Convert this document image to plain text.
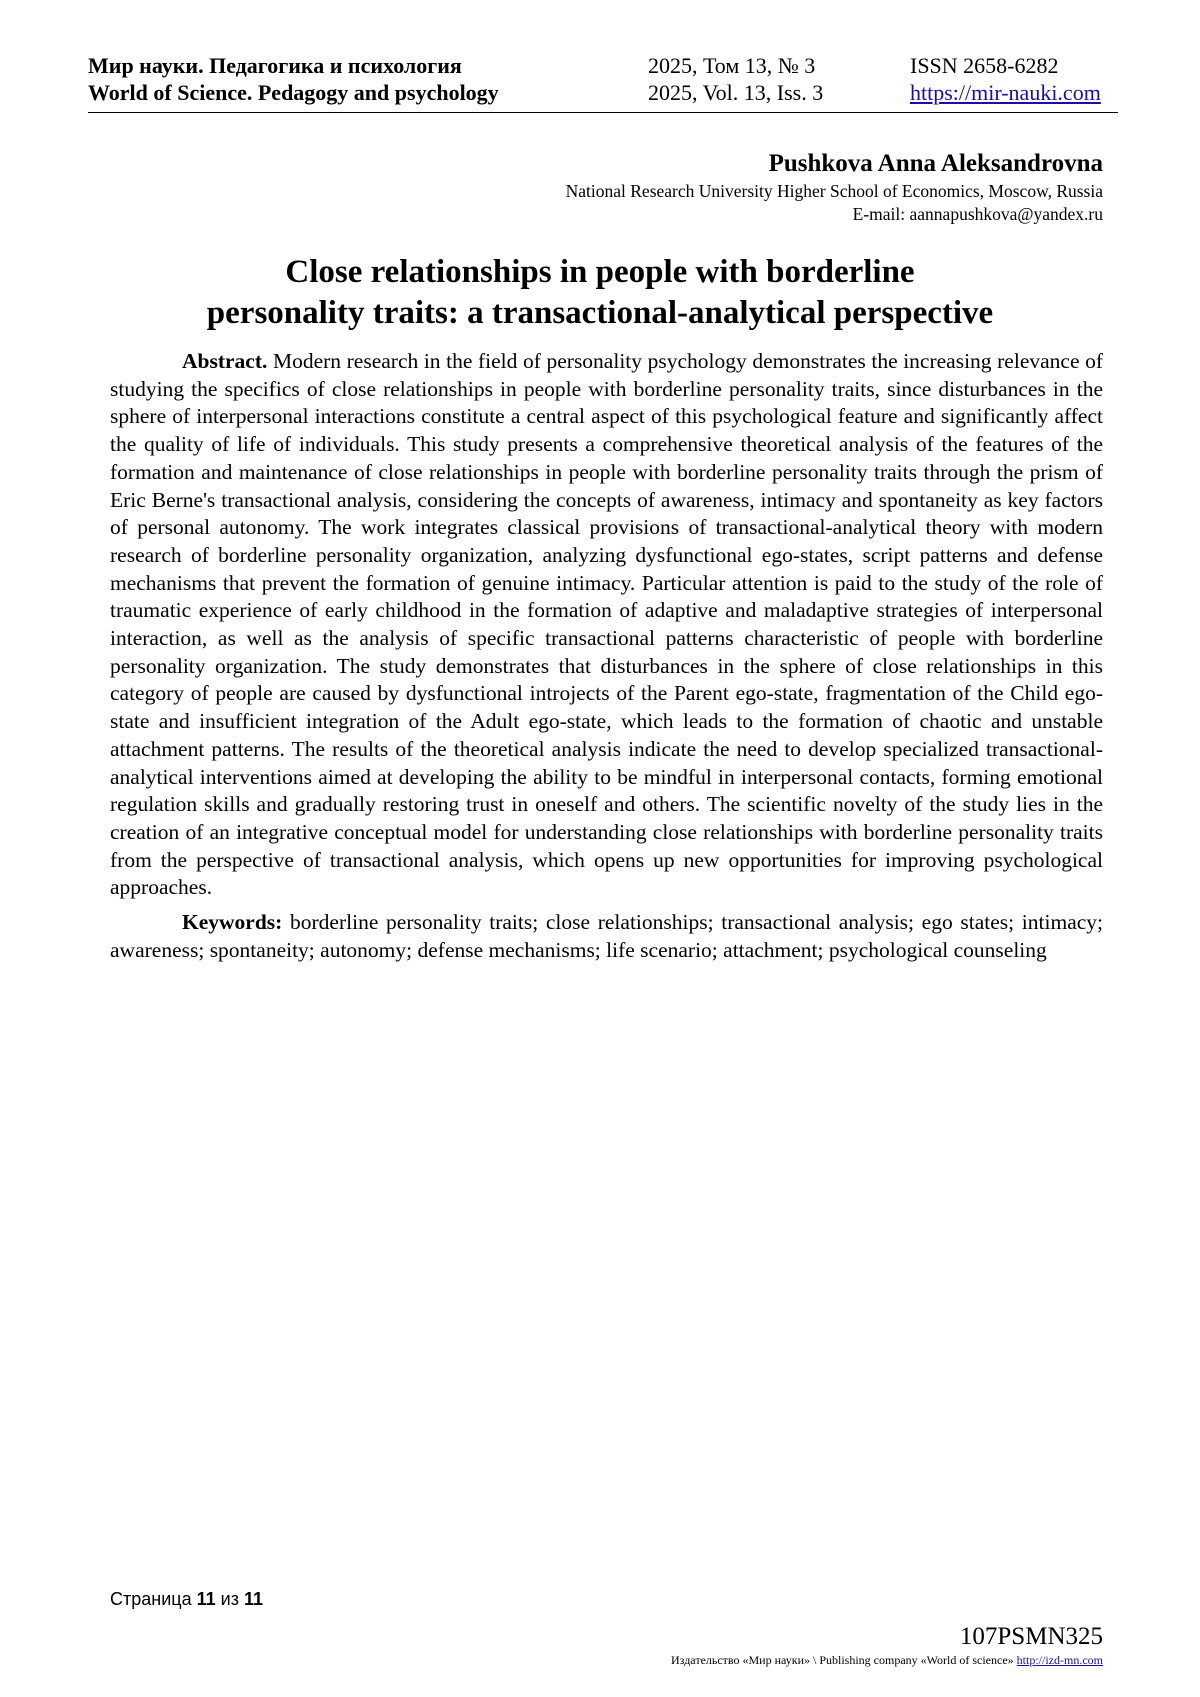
Мир науки. Педагогика и психология
World of Science. Pedagogy and psychology
2025, Том 13, № 3
2025, Vol. 13, Iss. 3
ISSN 2658-6282
https://mir-nauki.com
Pushkova Anna Aleksandrovna
National Research University Higher School of Economics, Moscow, Russia
E-mail: aannapushkova@yandex.ru
Close relationships in people with borderline
personality traits: a transactional-analytical perspective

Abstract. Modern research in the field of personality psychology demonstrates the increasing relevance of studying the specifics of close relationships in people with borderline personality traits, since disturbances in the sphere of interpersonal interactions constitute a central aspect of this psychological feature and significantly affect the quality of life of individuals. This study presents a comprehensive theoretical analysis of the features of the formation and maintenance of close relationships in people with borderline personality traits through the prism of Eric Berne's transactional analysis, considering the concepts of awareness, intimacy and spontaneity as key factors of personal autonomy. The work integrates classical provisions of transactional-analytical theory with modern research of borderline personality organization, analyzing dysfunctional ego-states, script patterns and defense mechanisms that prevent the formation of genuine intimacy. Particular attention is paid to the study of the role of traumatic experience of early childhood in the formation of adaptive and maladaptive strategies of interpersonal interaction, as well as the analysis of specific transactional patterns characteristic of people with borderline personality organization. The study demonstrates that disturbances in the sphere of close relationships in this category of people are caused by dysfunctional introjects of the Parent ego-state, fragmentation of the Child ego-state and insufficient integration of the Adult ego-state, which leads to the formation of chaotic and unstable attachment patterns. The results of the theoretical analysis indicate the need to develop specialized transactional-analytical interventions aimed at developing the ability to be mindful in interpersonal contacts, forming emotional regulation skills and gradually restoring trust in oneself and others. The scientific novelty of the study lies in the creation of an integrative conceptual model for understanding close relationships with borderline personality traits from the perspective of transactional analysis, which opens up new opportunities for improving psychological approaches.

Keywords: borderline personality traits; close relationships; transactional analysis; ego states; intimacy; awareness; spontaneity; autonomy; defense mechanisms; life scenario; attachment; psychological counseling

Страница 11 из 11
107PSMN325
Издательство «Мир науки» \ Publishing company «World of science» http://izd-mn.com
